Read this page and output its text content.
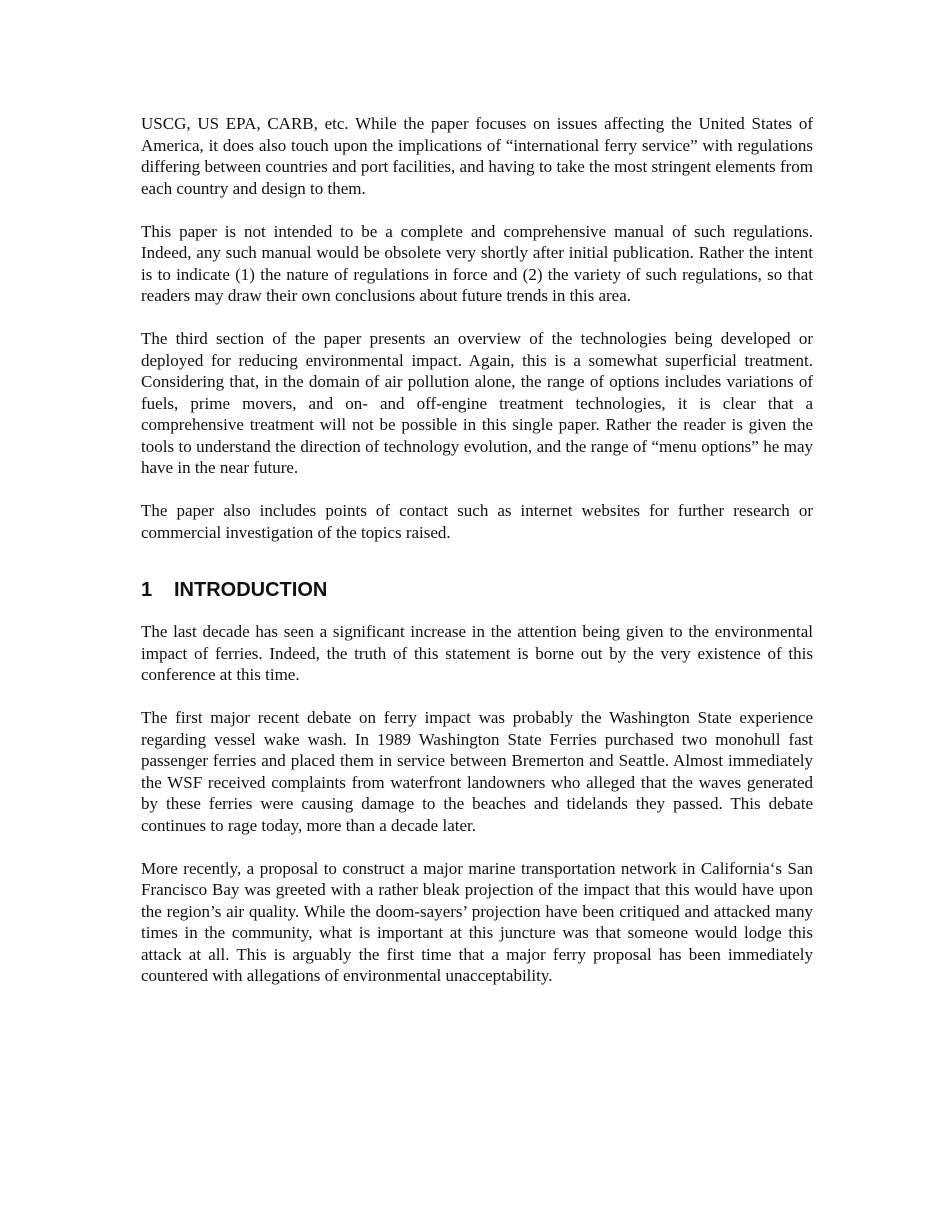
USCG, US EPA, CARB, etc. While the paper focuses on issues affecting the United States of America, it does also touch upon the implications of “international ferry service” with regulations differing between countries and port facilities, and having to take the most stringent elements from each country and design to them.

This paper is not intended to be a complete and comprehensive manual of such regulations. Indeed, any such manual would be obsolete very shortly after initial publication. Rather the intent is to indicate (1) the nature of regulations in force and (2) the variety of such regulations, so that readers may draw their own conclusions about future trends in this area.

The third section of the paper presents an overview of the technologies being developed or deployed for reducing environmental impact. Again, this is a somewhat superficial treatment. Considering that, in the domain of air pollution alone, the range of options includes variations of fuels, prime movers, and on- and off-engine treatment technologies, it is clear that a comprehensive treatment will not be possible in this single paper. Rather the reader is given the tools to understand the direction of technology evolution, and the range of “menu options” he may have in the near future.

The paper also includes points of contact such as internet websites for further research or commercial investigation of the topics raised.

1 INTRODUCTION

The last decade has seen a significant increase in the attention being given to the environmental impact of ferries. Indeed, the truth of this statement is borne out by the very existence of this conference at this time.

The first major recent debate on ferry impact was probably the Washington State experience regarding vessel wake wash. In 1989 Washington State Ferries purchased two monohull fast passenger ferries and placed them in service between Bremerton and Seattle. Almost immediately the WSF received complaints from waterfront landowners who alleged that the waves generated by these ferries were causing damage to the beaches and tidelands they passed. This debate continues to rage today, more than a decade later.

More recently, a proposal to construct a major marine transportation network in California‘s San Francisco Bay was greeted with a rather bleak projection of the impact that this would have upon the region’s air quality. While the doom-sayers’ projection have been critiqued and attacked many times in the community, what is important at this juncture was that someone would lodge this attack at all. This is arguably the first time that a major ferry proposal has been immediately countered with allegations of environmental unacceptability.
